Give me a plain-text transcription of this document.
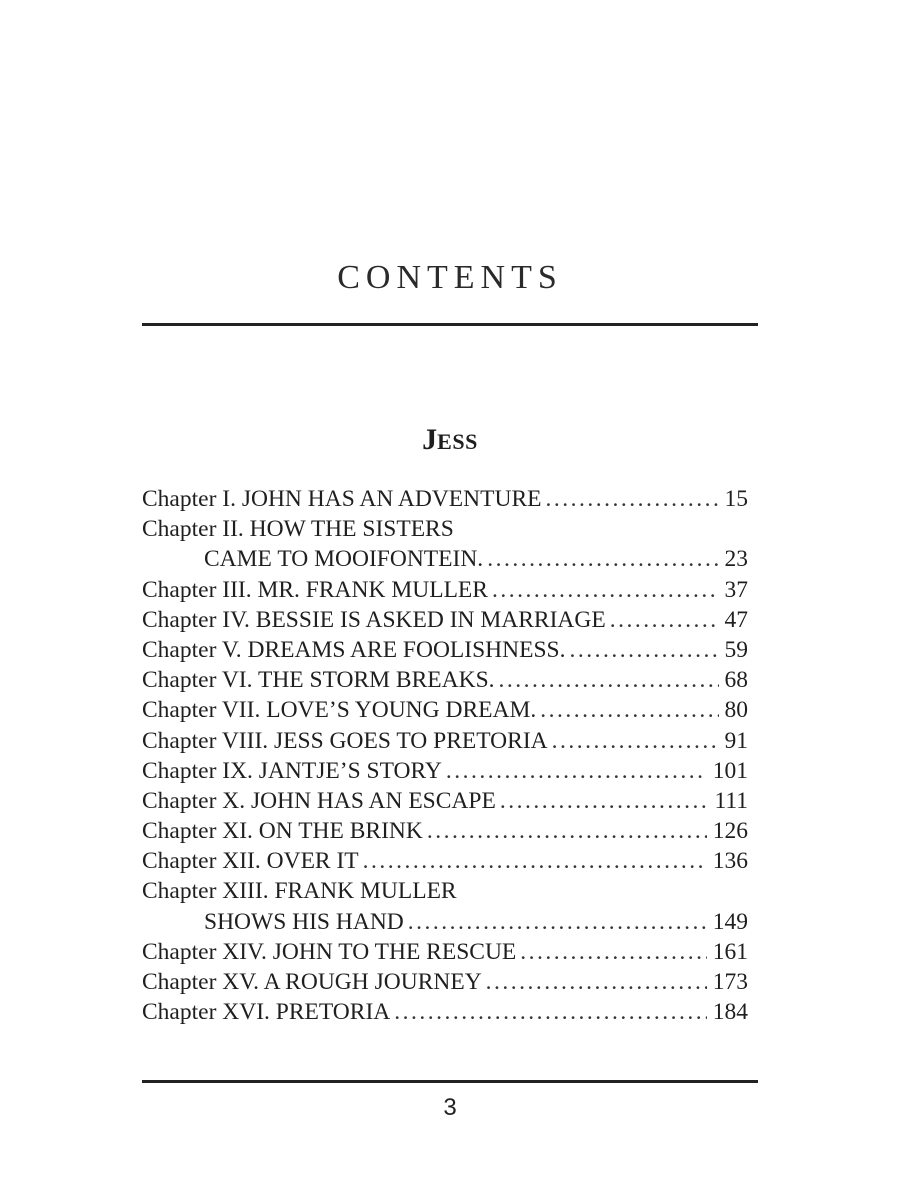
CONTENTS
JESS
Chapter I. JOHN HAS AN ADVENTURE .....	15
Chapter II. HOW THE SISTERS
CAME TO MOOIFONTEIN. .....	23
Chapter III. MR. FRANK MULLER .....	37
Chapter IV. BESSIE IS ASKED IN MARRIAGE .....	47
Chapter V. DREAMS ARE FOOLISHNESS. .....	59
Chapter VI. THE STORM BREAKS. .....	68
Chapter VII. LOVE’S YOUNG DREAM. .....	80
Chapter VIII. JESS GOES TO PRETORIA .....	91
Chapter IX. JANTJE’S STORY .....	101
Chapter X. JOHN HAS AN ESCAPE .....	111
Chapter XI. ON THE BRINK .....	126
Chapter XII. OVER IT .....	136
Chapter XIII. FRANK MULLER
SHOWS HIS HAND .....	149
Chapter XIV. JOHN TO THE RESCUE .....	161
Chapter XV. A ROUGH JOURNEY .....	173
Chapter XVI. PRETORIA .....	184
3
